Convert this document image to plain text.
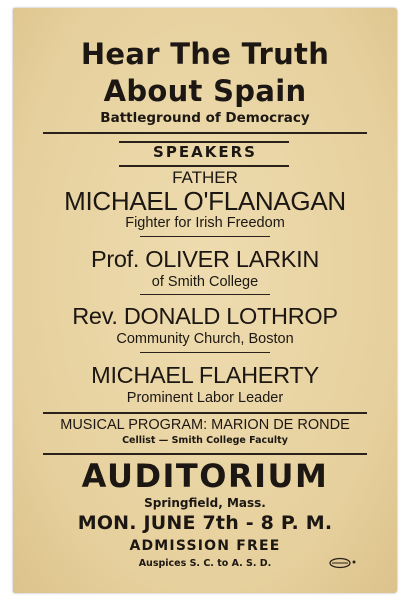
Hear The Truth
About Spain
Battleground of Democracy
SPEAKERS
FATHER
MICHAEL O'FLANAGAN
Fighter for Irish Freedom
Prof. OLIVER LARKIN
of Smith College
Rev. DONALD LOTHROP
Community Church, Boston
MICHAEL FLAHERTY
Prominent Labor Leader
MUSICAL PROGRAM: MARION DE RONDE
Cellist — Smith College Faculty
AUDITORIUM
Springfield, Mass.
MON. JUNE 7th - 8 P. M.
ADMISSION FREE
Auspices S. C. to A. S. D.
